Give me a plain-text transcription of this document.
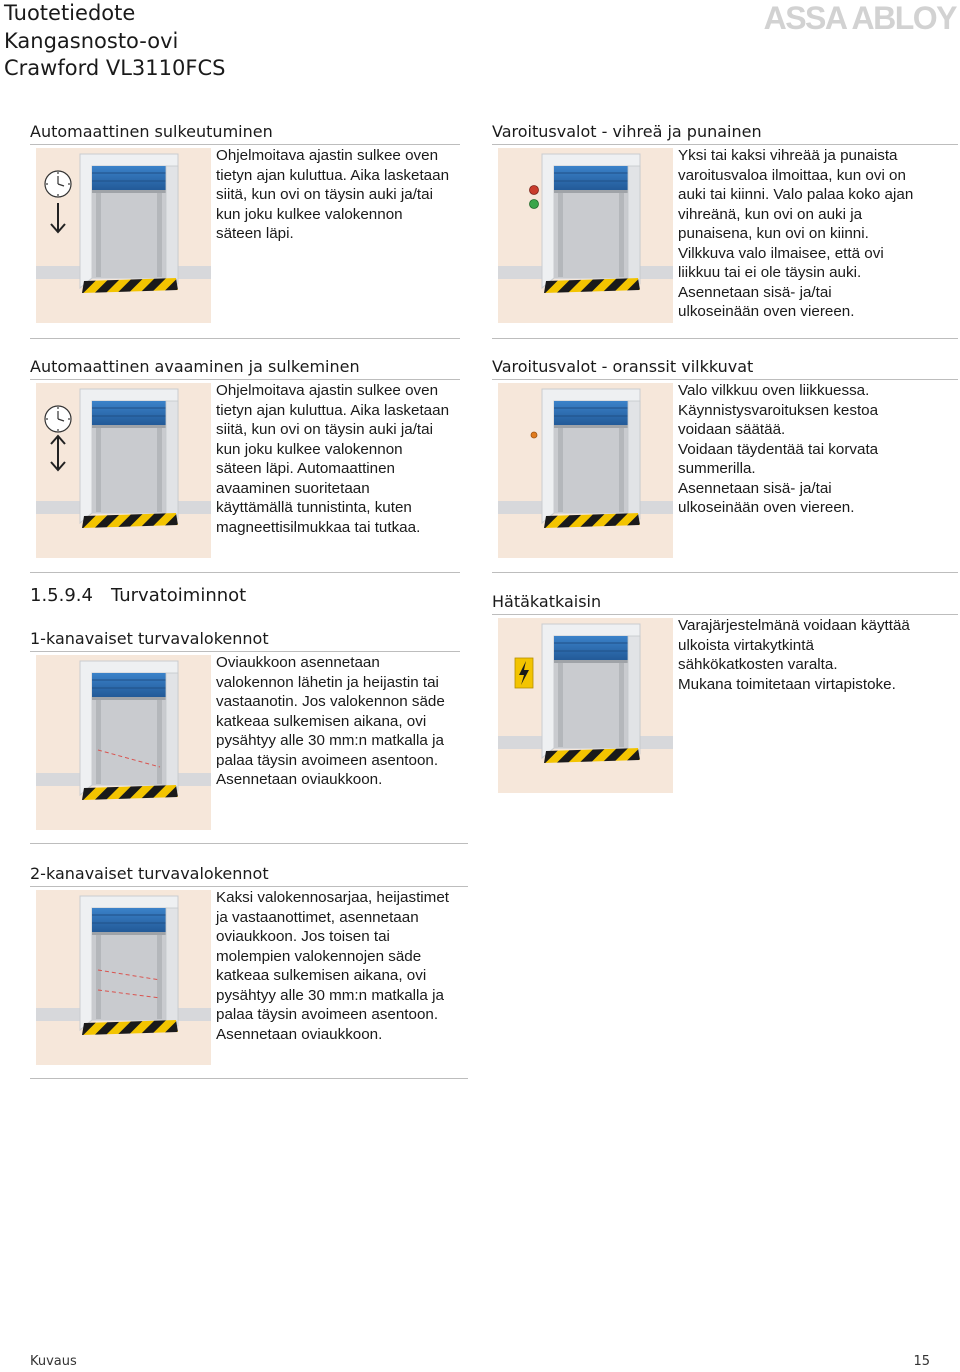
Tuotetiedote
Kangasnosto-ovi
Crawford VL3110FCS
ASSA ABLOY
Automaattinen sulkeutuminen
Ohjelmoitava ajastin sulkee oven
tietyn ajan kuluttua. Aika lasketaan
siitä, kun ovi on täysin auki ja/tai
kun joku kulkee valokennon
säteen läpi.
Varoitusvalot - vihreä ja punainen
Yksi tai kaksi vihreää ja punaista
varoitusvaloa ilmoittaa, kun ovi on
auki tai kiinni. Valo palaa koko ajan
vihreänä, kun ovi on auki ja
punaisena, kun ovi on kiinni.
Vilkkuva valo ilmaisee, että ovi
liikkuu tai ei ole täysin auki.
Asennetaan sisä- ja/tai
ulkoseinään oven viereen.
Automaattinen avaaminen ja sulkeminen
Ohjelmoitava ajastin sulkee oven
tietyn ajan kuluttua. Aika lasketaan
siitä, kun ovi on täysin auki ja/tai
kun joku kulkee valokennon
säteen läpi. Automaattinen
avaaminen suoritetaan
käyttämällä tunnistinta, kuten
magneettisilmukkaa tai tutkaa.
Varoitusvalot - oranssit vilkkuvat
Valo vilkkuu oven liikkuessa.
Käynnistysvaroituksen kestoa
voidaan säätää.
Voidaan täydentää tai korvata
summerilla.
Asennetaan sisä- ja/tai
ulkoseinään oven viereen.
1.5.9.4 Turvatoiminnot
1-kanavaiset turvavalokennot
Oviaukkoon asennetaan
valokennon lähetin ja heijastin tai
vastaanotin. Jos valokennon säde
katkeaa sulkemisen aikana, ovi
pysähtyy alle 30 mm:n matkalla ja
palaa täysin avoimeen asentoon.
Asennetaan oviaukkoon.
Hätäkatkaisin
Varajärjestelmänä voidaan käyttää
ulkoista virtakytkintä
sähkökatkosten varalta.
Mukana toimitetaan virtapistoke.
2-kanavaiset turvavalokennot
Kaksi valokennosarjaa, heijastimet
ja vastaanottimet, asennetaan
oviaukkoon. Jos toisen tai
molempien valokennojen säde
katkeaa sulkemisen aikana, ovi
pysähtyy alle 30 mm:n matkalla ja
palaa täysin avoimeen asentoon.
Asennetaan oviaukkoon.
Kuvaus	15
